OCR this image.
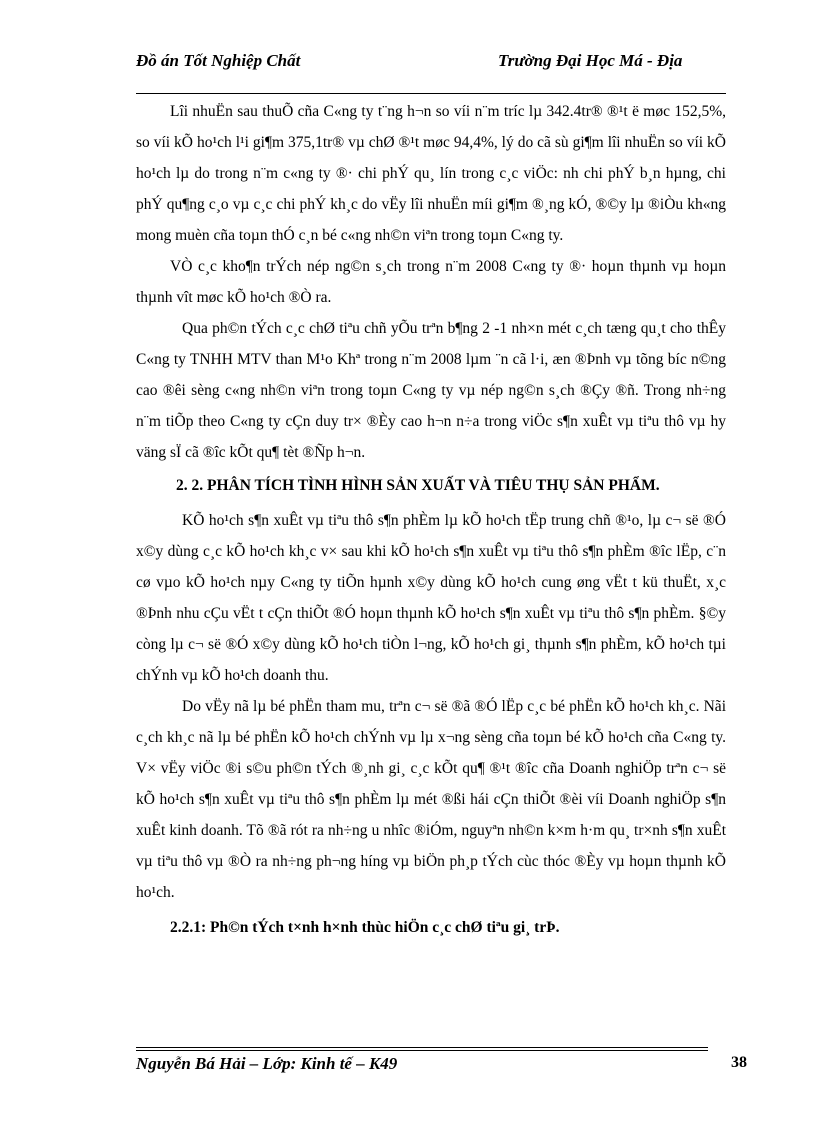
Đồ án Tốt Nghiệp Chất	Trường Đại Học Má - Địa

Lîi nhuËn sau thuÕ cña C«ng ty t¨ng h¬n so víi n¨m tríc lµ 342.4tr® ®¹t ë møc 152,5%, so víi kÕ ho¹ch l¹i gi¶m 375,1tr® vµ chØ ®¹t møc 94,4%, lý do cã sù gi¶m lîi nhuËn so víi kÕ ho¹ch lµ do trong n¨m c«ng ty ®· chi phÝ qu¸ lín trong c¸c viÖc: nh chi phÝ b¸n hµng, chi phÝ qu¶ng c¸o vµ c¸c chi phÝ kh¸c do vËy lîi nhuËn míi gi¶m ®¸ng kÓ, ®©y lµ ®iÒu kh«ng mong muèn cña toµn thÓ c¸n bé c«ng nh©n viªn trong toµn C«ng ty.

VÒ c¸c kho¶n trÝch nép ng©n s¸ch trong n¨m 2008 C«ng ty ®· hoµn thµnh vµ hoµn thµnh vît møc kÕ ho¹ch ®Ò ra.

Qua ph©n tÝch c¸c chØ tiªu chñ yÕu trªn b¶ng 2 -1 nh×n mét c¸ch tæng qu¸t cho thÊy C«ng ty TNHH MTV than M¹o Khª trong n¨m 2008 lµm ¨n cã l·i, æn ®Þnh vµ tõng bíc n©ng cao ®êi sèng c«ng nh©n viªn trong toµn C«ng ty vµ nép ng©n s¸ch ®Çy ®ñ. Trong nh÷ng n¨m tiÕp theo C«ng ty cÇn duy tr× ®Èy cao h¬n n÷a trong viÖc s¶n xuÊt vµ tiªu thô vµ hy väng sÏ cã ®îc kÕt qu¶ tèt ®Ñp h¬n.

2. 2. PHÂN TÍCH TÌNH HÌNH SẢN XUẤT VÀ TIÊU THỤ SẢN PHẨM.

KÕ ho¹ch s¶n xuÊt vµ tiªu thô s¶n phÈm lµ kÕ ho¹ch tËp trung chñ ®¹o, lµ c¬ së ®Ó x©y dùng c¸c kÕ ho¹ch kh¸c v× sau khi kÕ ho¹ch s¶n xuÊt vµ tiªu thô s¶n phÈm ®îc lËp, c¨n cø vµo kÕ ho¹ch nµy C«ng ty tiÕn hµnh x©y dùng kÕ ho¹ch cung øng vËt t kü thuËt, x¸c ®Þnh nhu cÇu vËt t cÇn thiÕt ®Ó hoµn thµnh kÕ ho¹ch s¶n xuÊt vµ tiªu thô s¶n phÈm. §©y còng lµ c¬ së ®Ó x©y dùng kÕ ho¹ch tiÒn l¬ng, kÕ ho¹ch gi¸ thµnh s¶n phÈm, kÕ ho¹ch tµi chÝnh vµ kÕ ho¹ch doanh thu.

Do vËy nã lµ bé phËn tham mu, trªn c¬ së ®ã ®Ó lËp c¸c bé phËn kÕ ho¹ch kh¸c. Nãi c¸ch kh¸c nã lµ bé phËn kÕ ho¹ch chÝnh vµ lµ x¬ng sèng cña toµn bé kÕ ho¹ch cña C«ng ty. V× vËy viÖc ®i s©u ph©n tÝch ®¸nh gi¸ c¸c kÕt qu¶ ®¹t ®îc cña Doanh nghiÖp trªn c¬ së kÕ ho¹ch s¶n xuÊt vµ tiªu thô s¶n phÈm lµ mét ®ßi hái cÇn thiÕt ®èi víi Doanh nghiÖp s¶n xuÊt kinh doanh. Tõ ®ã rót ra nh÷ng u nhîc ®iÓm, nguyªn nh©n k×m h·m qu¸ tr×nh s¶n xuÊt vµ tiªu thô vµ ®Ò ra nh÷ng ph¬ng híng vµ biÖn ph¸p tÝch cùc thóc ®Èy vµ hoµn thµnh kÕ ho¹ch.

2.2.1: Ph©n tÝch t×nh h×nh thùc hiÖn c¸c chØ tiªu gi¸ trÞ.
Nguyễn Bá Hải – Lớp: Kinh tế – K49	38
